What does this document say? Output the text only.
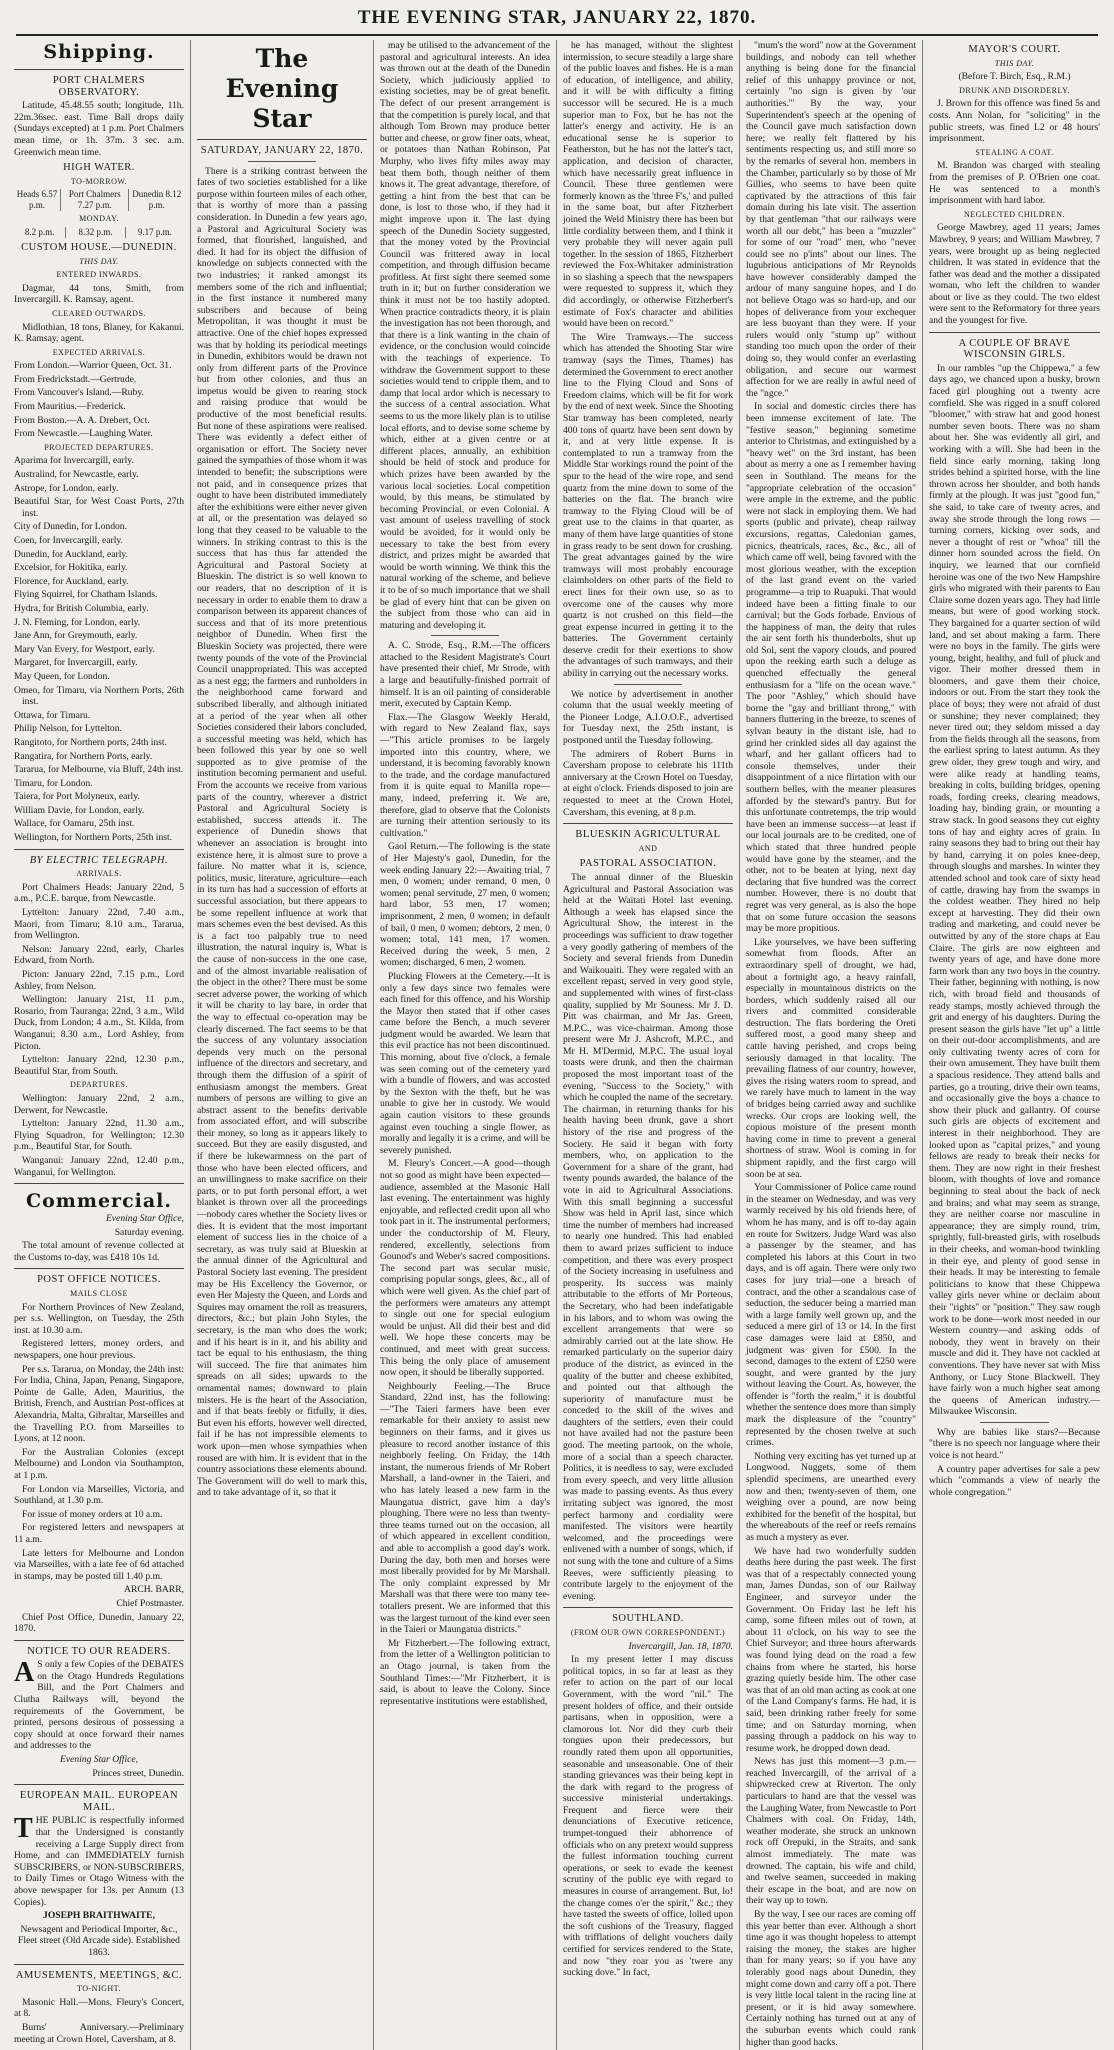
THE EVENING STAR, JANUARY 22, 1870.
Shipping.
PORT CHALMERS OBSERVATORY.

Latitude, 45.48.55 south; longitude, 11h. 22m.36sec. east. Time Ball drops daily (Sundays excepted) at 1 p.m. Port Chalmers mean time, or 1h. 37m. 3 sec. a.m. Greenwich mean time.

HIGH WATER.
TO-MORROW.
Heads 6.57 p.m.	Port Chalmers 7.27 p.m.	Dunedin 8.12 p.m.
MONDAY.
8.2 p.m.	8.32 p.m.	9.17 p.m.
CUSTOM HOUSE.—DUNEDIN.
THIS DAY.
ENTERED INWARDS.

Dagmar, 44 tons, Smith, from Invercargill. K. Ramsay, agent.

CLEARED OUTWARDS.

Midlothian, 18 tons, Blaney, for Kakanui. K. Ramsay, agent.

EXPECTED ARRIVALS.

From London.—Warrior Queen, Oct. 31.

From Fredrickstadt.—Gertrude.

From Vancouver's Island.—Ruby.

From Mauritius.—Frederick.

From Boston.—A. A. Drebert, Oct.

From Newcastle.—Laughing Water.

PROJECTED DEPARTURES.

Aparima for Invercargill, early.

Australind, for Newcastle, early.

Astrope, for London, early.

Beautiful Star, for West Coast Ports, 27th inst.

City of Dunedin, for London.

Coen, for Invercargill, early.

Dunedin, for Auckland, early.

Excelsior, for Hokitika, early.

Florence, for Auckland, early.

Flying Squirrel, for Chatham Islands.

Hydra, for British Columbia, early.

J. N. Fleming, for London, early.

Jane Ann, for Greymouth, early.

Mary Van Every, for Westport, early.

Margaret, for Invercargill, early.

May Queen, for London.

Omeo, for Timaru, via Northern Ports, 26th inst.

Ottawa, for Timaru.

Philip Nelson, for Lyttelton.

Rangitoto, for Northern ports, 24th inst.

Rangatira, for Northern Ports, early.

Tararua, for Melbourne, via Bluff, 24th inst.

Timaru, for London.

Taiera, for Port Molyneux, early.

William Davie, for London, early.

Wallace, for Oamaru, 25th inst.

Wellington, for Northern Ports, 25th inst.

BY ELECTRIC TELEGRAPH.
ARRIVALS.

Port Chalmers Heads: January 22nd, 5 a.m., P.C.E. barque, from Newcastle.

Lyttelton: January 22nd, 7.40 a.m., Maori, from Timaru; 8.10 a.m., Tararua, from Wellington.

Nelson: January 22nd, early, Charles Edward, from North.

Picton: January 22nd, 7.15 p.m., Lord Ashley, from Nelson.

Wellington: January 21st, 11 p.m., Rosario, from Tauranga; 22nd, 3 a.m., Wild Duck, from London; 4 a.m., St. Kilda, from Wanganui; 8.30 a.m., Lord Ashley, from Picton.

Lyttelton: January 22nd, 12.30 p.m., Beautiful Star, from South.

DEPARTURES.

Wellington: January 22nd, 2 a.m., Derwent, for Newcastle.

Lyttelton: January 22nd, 11.30 a.m., Flying Squadron, for Wellington; 12.30 p.m., Beautiful Star, for South.

Wanganui: January 22nd, 12.40 p.m., Wanganui, for Wellington.

Commercial.

Evening Star Office,

Saturday evening.

The total amount of revenue collected at the Customs to-day, was £418 10s 1d.

POST OFFICE NOTICES.
MAILS CLOSE

For Northern Provinces of New Zealand, per s.s. Wellington, on Tuesday, the 25th inst. at 10.30 a.m.

Registered letters, money orders, and newspapers, one hour previous.

Per s.s. Tararua, on Monday, the 24th inst: For India, China, Japan, Penang, Singapore, Pointe de Galle, Aden, Mauritius, the British, French, and Austrian Post-offices at Alexandria, Malta, Gibraltar, Marseilles and the Travelling P.O. from Marseilles to Lyons, at 12 noon.

For the Australian Colonies (except Melbourne) and London via Southampton, at 1 p.m.

For London via Marseilles, Victoria, and Southland, at 1.30 p.m.

For issue of money orders at 10 a.m.

For registered letters and newspapers at 11 a.m.

Late letters for Melbourne and London via Marseilles, with a late fee of 6d attached in stamps, may be posted till 1.40 p.m.

ARCH. BARR,

Chief Postmaster.

Chief Post Office, Dunedin, January 22, 1870.

NOTICE TO OUR READERS.

A S only a few Copies of the DEBATES on the Otago Hundreds Regulations Bill, and the Port Chalmers and Clutha Railways will, beyond the requirements of the Government, be printed, persons desirous of possessing a copy should at once forward their names and addresses to the

Evening Star Office,

Princes street, Dunedin.

EUROPEAN MAIL. EUROPEAN MAIL.

THE PUBLIC is respectfully informed that the Undersigned is constantly receiving a Large Supply direct from Home, and can IMMEDIATELY furnish SUBSCRIBERS, or NON-SUBSCRIBERS, to Daily Times or Otago Witness with the above newspaper for 13s. per Annum (13 Copies).

JOSEPH BRAITHWAITE,

Newsagent and Periodical Importer, &c., Fleet street (Old Arcade side). Established 1863.

AMUSEMENTS, MEETINGS, &C.
TO-NIGHT.

Masonic Hall.—Mons. Fleury's Concert, at 8.

Burns' Anniversary.—Preliminary meeting at Crown Hotel, Caversham, at 8.

The Evening Star
SATURDAY, JANUARY 22, 1870.

There is a striking contrast between the fates of two societies established for a like purpose within fourteen miles of each other, that is worthy of more than a passing consideration. In Dunedin a few years ago, a Pastoral and Agricultural Society was formed, that flourished, languished, and died. It had for its object the diffusion of knowledge on subjects connected with the two industries; it ranked amongst its members some of the rich and influential; in the first instance it numbered many subscribers and because of being Metropolitan, it was thought it must be attractive. One of the chief hopes expressed was that by holding its periodical meetings in Dunedin, exhibitors would be drawn not only from different parts of the Province but from other colonies, and thus an impetus would be given to rearing stock and raising produce that would be productive of the most beneficial results. But none of these aspirations were realised. There was evidently a defect either of organisation or effort. The Society never gained the sympathies of those whom it was intended to benefit; the subscriptions were not paid, and in consequence prizes that ought to have been distributed immediately after the exhibitions were either never given at all, or the presentation was delayed so long that they ceased to be valuable to the winners. In striking contrast to this is the success that has thus far attended the Agricultural and Pastoral Society at Blueskin. The district is so well known to our readers, that no description of it is necessary in order to enable them to draw a comparison between its apparent chances of success and that of its more pretentious neighbor of Dunedin. When first the Blueskin Society was projected, there were twenty pounds of the vote of the Provincial Council unappropriated. This was accepted as a nest egg; the farmers and runholders in the neighborhood came forward and subscribed liberally, and although initiated at a period of the year when all other Societies considered their labors concluded, a successful meeting was held, which has been followed this year by one so well supported as to give promise of the institution becoming permanent and useful. From the accounts we receive from various parts of the country, wherever a district Pastoral and Agricultural Society is established, success attends it. The experience of Dunedin shows that whenever an association is brought into existence here, it is almost sure to prove a failure. No matter what it is, science, politics, music, literature, agriculture—each in its turn has had a succession of efforts at successful association, but there appears to be some repellent influence at work that mars schemes even the best devised. As this is a fact too palpably true to need illustration, the natural inquiry is, What is the cause of non-success in the one case, and of the almost invariable realisation of the object in the other? There must be some secret adverse power, the working of which it will be charity to lay bare, in order that the way to effectual co-operation may be clearly discerned. The fact seems to be that the success of any voluntary association depends very much on the personal influence of the directors and secretary, and through them the diffusion of a spirit of enthusiasm amongst the members. Great numbers of persons are willing to give an abstract assent to the benefits derivable from associated effort, and will subscribe their money, so long as it appears likely to succeed. But they are easily disgusted, and if there be lukewarmness on the part of those who have been elected officers, and an unwillingness to make sacrifice on their parts, or to put forth personal effort, a wet blanket is thrown over all the proceedings—nobody cares whether the Society lives or dies. It is evident that the most important element of success lies in the choice of a secretary, as was truly said at Blueskin at the annual dinner of the Agricultural and Pastoral Society last evening. The president may be His Excellency the Governor, or even Her Majesty the Queen, and Lords and Squires may ornament the roll as treasurers, directors, &c.; but plain John Styles, the secretary, is the man who does the work; and if his heart is in it, and his ability and tact be equal to his enthusiasm, the thing will succeed. The fire that animates him spreads on all sides; upwards to the ornamental names; downward to plain misters. He is the heart of the Association, and if that beats feebly or fitfully, it dies. But even his efforts, however well directed, fail if he has not impressible elements to work upon—men whose sympathies when roused are with him. It is evident that in the country associations these elements abound. The Government will do well to mark this, and to take advantage of it, so that it

may be utilised to the advancement of the pastoral and agricultural interests. An idea was thrown out at the death of the Dunedin Society, which judiciously applied to existing societies, may be of great benefit. The defect of our present arrangement is that the competition is purely local, and that although Tom Brown may produce better butter and cheese, or grow finer oats, wheat, or potatoes than Nathan Robinson, Pat Murphy, who lives fifty miles away may beat them both, though neither of them knows it. The great advantage, therefore, of getting a hint from the best that can be done, is lost to those who, if they had it might improve upon it. The last dying speech of the Dunedin Society suggested, that the money voted by the Provincial Council was frittered away in local competition, and through diffusion became profitless. At first sight there seemed some truth in it; but on further consideration we think it must not be too hastily adopted. When practice contradicts theory, it is plain the investigation has not been thorough, and that there is a link wanting in the chain of evidence, or the conclusion would coincide with the teachings of experience. To withdraw the Government support to these societies would tend to cripple them, and to damp that local ardor which is necessary to the success of a central association. What seems to us the more likely plan is to utilise local efforts, and to devise some scheme by which, either at a given centre or at different places, annually, an exhibition should be held of stock and produce for which prizes have been awarded by the various local societies. Local competition would, by this means, be stimulated by becoming Provincial, or even Colonial. A vast amount of useless travelling of stock would be avoided, for it would only be necessary to take the best from every district, and prizes might be awarded that would be worth winning. We think this the natural working of the scheme, and believe it to be of so much importance that we shall be glad of every hint that can be given on the subject from those who can aid in maturing and developing it.

A. C. Strode, Esq., R.M.—The officers attached to the Resident Magistrate's Court have presented their chief, Mr Strode, with a large and beautifully-finished portrait of himself. It is an oil painting of considerable merit, executed by Captain Kemp.

Flax.—The Glasgow Weekly Herald, with regard to New Zealand flax, says—"This article promises to be largely imported into this country, where, we understand, it is becoming favorably known to the trade, and the cordage manufactured from it is quite equal to Manilla rope—many, indeed, preferring it. We are, therefore, glad to observe that the Colonists are turning their attention seriously to its cultivation."

Gaol Return.—The following is the state of Her Majesty's gaol, Dunedin, for the week ending January 22:—Awaiting trial, 7 men, 0 women; under remand, 0 men, 0 women; penal servitude, 27 men, 0 women; hard labor, 53 men, 17 women; imprisonment, 2 men, 0 women; in default of bail, 0 men, 0 women; debtors, 2 men, 0 women; total, 141 men, 17 women. Received during the week, 5 men, 2 women; discharged, 6 men, 2 women.

Plucking Flowers at the Cemetery.—It is only a few days since two females were each fined for this offence, and his Worship the Mayor then stated that if other cases came before the Bench, a much severer judgment would be awarded. We learn that this evil practice has not been discontinued. This morning, about five o'clock, a female was seen coming out of the cemetery yard with a bundle of flowers, and was accosted by the Sexton with the theft, but he was unable to give her in custody. We would again caution visitors to these grounds against even touching a single flower, as morally and legally it is a crime, and will be severely punished.

M. Fleury's Concert.—A good—though not so good as might have been expected—audience, assembled at the Masonic Hall last evening. The entertainment was highly enjoyable, and reflected credit upon all who took part in it. The instrumental performers, under the conductorship of M. Fleury, rendered, excellently, selections from Gounod's and Weber's sacred compositions. The second part was secular music, comprising popular songs, glees, &c., all of which were well given. As the chief part of the performers were amateurs any attempt to single out one for special eulogium would be unjust. All did their best and did well. We hope these concerts may be continued, and meet with great success. This being the only place of amusement now open, it should be liberally supported.

Neighbourly Feeling.—The Bruce Standard, 22nd inst, has the following:—"The Taieri farmers have been ever remarkable for their anxiety to assist new beginners on their farms, and it gives us pleasure to record another instance of this neighborly feeling. On Friday, the 14th instant, the numerous friends of Mr Robert Marshall, a land-owner in the Taieri, and who has lately leased a new farm in the Maungatua district, gave him a day's ploughing. There were no less than twenty-three teams turned out on the occasion, all of which appeared in excellent condition, and able to accomplish a good day's work. During the day, both men and horses were most liberally provided for by Mr Marshall. The only complaint expressed by Mr Marshall was that there were too many tee-totallers present. We are informed that this was the largest turnout of the kind ever seen in the Taieri or Maungatua districts."

Mr Fitzherbert.—The following extract, from the letter of a Wellington politician to an Otago journal, is taken from the Southland Times:—"Mr Fitzherbert, it is said, is about to leave the Colony. Since representative institutions were established,

he has managed, without the slightest intermission, to secure steadily a large share of the public loaves and fishes. He is a man of education, of intelligence, and ability, and it will be with difficulty a fitting successor will be secured. He is a much superior man to Fox, but he has not the latter's energy and activity. He is an educational sense he is superior to Featherston, but he has not the latter's tact, application, and decision of character, which have necessarily great influence in Council. These three gentlemen were formerly known as the 'three F's,' and pulled in the same boat, but after Fitzherbert joined the Weld Ministry there has been but little cordiality between them, and I think it very probable they will never again pull together. In the session of 1865, Fitzherbert reviewed the Fox-Whitaker administration in so slashing a speech that the newspapers were requested to suppress it, which they did accordingly, or otherwise Fitzherbert's estimate of Fox's character and abilities would have been on record."

The Wire Tramways.—The success which has attended the Shooting Star wire tramway (says the Times, Thames) has determined the Government to erect another line to the Flying Cloud and Sons of Freedom claims, which will be fit for work by the end of next week. Since the Shooting Star tramway has been completed, nearly 400 tons of quartz have been sent down by it, and at very little expense. It is contemplated to run a tramway from the Middle Star workings round the point of the spur to the head of the wire rope, and send quartz from the mine down to some of the batteries on the flat. The branch wire tramway to the Flying Cloud will be of great use to the claims in that quarter, as many of them have large quantities of stone in grass ready to be sent down for crushing. The great advantages gained by the wire tramways will most probably encourage claimholders on other parts of the field to erect lines for their own use, so as to overcome one of the causes why more quartz is not crushed on this field—the great expense incurred in getting it to the batteries. The Government certainly deserve credit for their exertions to show the advantages of such tramways, and their ability in carrying out the necessary works.

We notice by advertisement in another column that the usual weekly meeting of the Pioneer Lodge, A.I.O.O.F., advertised for Tuesday next, the 25th instant, is postponed until the Tuesday following.

The admirers of Robert Burns in Caversham propose to celebrate his 111th anniversary at the Crown Hotel on Tuesday, at eight o'clock. Friends disposed to join are requested to meet at the Crown Hotel, Caversham, this evening, at 8 p.m.

BLUESKIN AGRICULTURAL
AND
PASTORAL ASSOCIATION.

The annual dinner of the Blueskin Agricultural and Pastoral Association was held at the Waitati Hotel last evening. Although a week has elapsed since the Agricultural Show, the interest in the proceedings was sufficient to draw together a very goodly gathering of members of the Society and several friends from Dunedin and Waikouaiti. They were regaled with an excellent repast, served in very good style, and supplemented with wines of first-class quality, supplied by Mr Souness. Mr J. D. Pitt was chairman, and Mr Jas. Green, M.P.C., was vice-chairman. Among those present were Mr J. Ashcroft, M.P.C., and Mr H. M'Dermid, M.P.C. The usual loyal toasts were drunk, and then the chairman proposed the most important toast of the evening, "Success to the Society," with which he coupled the name of the secretary. The chairman, in returning thanks for his health having been drunk, gave a short history of the rise and progress of the Society. He said it began with forty members, who, on application to the Government for a share of the grant, had twenty pounds awarded, the balance of the vote in aid to Agricultural Associations. With this small beginning a successful Show was held in April last, since which time the number of members had increased to nearly one hundred. This had enabled them to award prizes sufficient to induce competition, and there was every prospect of the Society increasing in usefulness and prosperity. Its success was mainly attributable to the efforts of Mr Porteous, the Secretary, who had been indefatigable in his labors, and to whom was owing the excellent arrangements that were so admirably carried out at the late show. He remarked particularly on the superior dairy produce of the district, as evinced in the quality of the butter and cheese exhibited, and pointed out that although the superiority of manufacture must be conceded to the skill of the wives and daughters of the settlers, even their could not have availed had not the pasture been good. The meeting partook, on the whole, more of a social than a speech character. Politics, it is needless to say, were excluded from every speech, and very little allusion was made to passing events. As thus every irritating subject was ignored, the most perfect harmony and cordiality were manifested. The visitors were heartily welcomed, and the proceedings were enlivened with a number of songs, which, if not sung with the tone and culture of a Sims Reeves, were sufficiently pleasing to contribute largely to the enjoyment of the evening.

SOUTHLAND.
(FROM OUR OWN CORRESPONDENT.)

Invercargill, Jan. 18, 1870.

In my present letter I may discuss political topics, in so far at least as they refer to action on the part of our local Government, with the word "nil." The present holders of office, and their outside partisans, when in opposition, were a clamorous lot. Nor did they curb their tongues upon their predecessors, but roundly rated them upon all opportunities, seasonable and unseasonable. One of their standing grievances was their being kept in the dark with regard to the progress of successive ministerial undertakings. Frequent and fierce were their denunciations of Executive reticence, trumpet-tongued their abhorrence of officials who on any pretext would suppress the fullest information touching current operations, or seek to evade the keenest scrutiny of the public eye with regard to measures in course of arrangement. But, lo! the change comes o'er the spirit," &c.; they have tasted the sweets of office, lolled upon the soft cushions of the Treasury, flagged with trifflations of delight vouchers daily certified for services rendered to the State, and now "they roar you as 'twere any sucking dove." In fact,

"mum's the word" now at the Government buildings, and nobody can tell whether anything is being done for the financial relief of this unhappy province or not, certainly "no sign is given by 'our authorities.'" By the way, your Superintendent's speech at the opening of the Council gave much satisfaction down here; we really felt flattered by his sentiments respecting us, and still more so by the remarks of several hon. members in the Chamber, particularly so by those of Mr Gillies, who seems to have been quite captivated by the attractions of this fair domain during his late visit. The assertion by that gentleman "that our railways were worth all our debt," has been a "muzzler" for some of our "road" men, who "never could see no p'ints" about our lines. The lugubrious anticipations of Mr Reynolds have however considerably damped the ardour of many sanguine hopes, and I do not believe Otago was so hard-up, and our hopes of deliverance from your exchequer are less buoyant than they were. If your rulers would only "stump up" without standing too much upon the order of their doing so, they would confer an everlasting obligation, and secure our warmest affection for we are really in awful need of the "ngce."

In social and domestic circles there has been immense excitement of late. The "festive season," beginning sometime anterior to Christmas, and extinguished by a "heavy wet" on the 3rd instant, has been about as merry a one as I remember having seen in Southland. The means for the "appropriate celebration of the occasion" were ample in the extreme, and the public were not slack in employing them. We had sports (public and private), cheap railway excursions, regattas, Caledonian games, picnics, theatricals, races, &c., &c., all of which came off well, being favored with the most glorious weather, with the exception of the last grand event on the varied programme—a trip to Ruapuki. That would indeed have been a fitting finale to our carnival; but the Gods forbade. Envious of the happiness of man, the deity that rules the air sent forth his thunderbolts, shut up old Sol, sent the vapory clouds, and poured upon the reeking earth such a deluge as quenched effectually the general enthusiasm for a "life on the ocean wave." The poor "Ashley," which should have borne the "gay and brilliant throng," with banners fluttering in the breeze, to scenes of sylvan beauty in the distant isle, had to grind her crinkled sides all day against the wharf, and her gallant officers had to console themselves, under their disappointment of a nice flirtation with our southern belles, with the meaner pleasures afforded by the steward's pantry. But for this unfortunate contretemps, the trip would have been an immense success—at least if our local journals are to be credited, one of which stated that three hundred people would have gone by the steamer, and the other, not to be beaten at lying, next day declaring that five hundred was the correct number. However, there is no doubt that regret was very general, as is also the hope that on some future occasion the seasons may be more propitious.

Like yourselves, we have been suffering somewhat from floods. After an extraordinary spell of drought, we had, about a fortnight ago, a heavy rainfall, especially in mountainous districts on the borders, which suddenly raised all our rivers and committed considerable destruction. The flats bordering the Oreti suffered most, a good many sheep and cattle having perished, and crops being seriously damaged in that locality. The prevailing flatness of our country, however, gives the rising waters room to spread, and we rarely have much to lament in the way of bridges being carried away and suchlike wrecks. Our crops are looking well, the copious moisture of the present month having come in time to prevent a general shortness of straw. Wool is coming in for shipment rapidly, and the first cargo will soon be at sea.

Your Commissioner of Police came round in the steamer on Wednesday, and was very warmly received by his old friends here, of whom he has many, and is off to-day again en route for Switzers. Judge Ward was also a passenger by the steamer, and has completed his labors at this Court in two days, and is off again. There were only two cases for jury trial—one a breach of contract, and the other a scandalous case of seduction, the seducer being a married man with a large family well grown up, and the seduced a mere girl of 13 or 14. In the first case damages were laid at £850, and judgment was given for £500. In the second, damages to the extent of £250 were sought, and were granted by the jury without leaving the Court. As, however, the offender is "forth the realm," it is doubtful whether the sentence does more than simply mark the displeasure of the "country" represented by the chosen twelve at such crimes.

Nothing very exciting has yet turned up at Longwood. Nuggets, some of them splendid specimens, are unearthed every now and then; twenty-seven of them, one weighing over a pound, are now being exhibited for the benefit of the hospital, but the whereabouts of the reef or reefs remains as much a mystery as ever.

We have had two wonderfully sudden deaths here during the past week. The first was that of a respectably connected young man, James Dundas, son of our Railway Engineer, and surveyor under the Government. On Friday last he left his camp, some fifteen miles out of town, at about 11 o'clock, on his way to see the Chief Surveyor; and three hours afterwards was found lying dead on the road a few chains from where he started, his horse grazing quietly beside him. The other case was that of an old man acting as cook at one of the Land Company's farms. He had, it is said, been drinking rather freely for some time; and on Saturday morning, when passing through a paddock on his way to resume work, he dropped down dead.

News has just this moment—3 p.m.—reached Invercargill, of the arrival of a shipwrecked crew at Riverton. The only particulars to hand are that the vessel was the Laughing Water, from Newcastle to Port Chalmers with coal. On Friday, 14th, weather moderate, she struck an unknown rock off Orepuki, in the Straits, and sank almost immediately. The mate was drowned. The captain, his wife and child, and twelve seamen, succeeded in making their escape in the boat, and are now on their way up to town.

By the way, I see our races are coming off this year better than ever. Although a short time ago it was thought hopeless to attempt raising the money, the stakes are higher than for many years; so if you have any tolerably good nags about Dunedin, they might come down and carry off a pot. There is very little local talent in the racing line at present, or it is hid away somewhere. Certainly nothing has turned out at any of the suburban events which could rank higher than good hacks.

MAYOR'S COURT.
THIS DAY.

(Before T. Birch, Esq., R.M.)

DRUNK AND DISORDERLY.

J. Brown for this offence was fined 5s and costs. Ann Nolan, for "soliciting" in the public streets, was fined L2 or 48 hours' imprisonment.

STEALING A COAT.

M. Brandon was charged with stealing from the premises of P. O'Brien one coat. He was sentenced to a month's imprisonment with hard labor.

NEGLECTED CHILDREN.

George Mawbrey, aged 11 years; James Mawbrey, 9 years; and William Mawbrey, 7 years, were brought up as being neglected children. It was stated in evidence that the father was dead and the mother a dissipated woman, who left the children to wander about or live as they could. The two eldest were sent to the Reformatory for three years and the youngest for five.

A COUPLE OF BRAVE WISCONSIN GIRLS.

In our rambles "up the Chippewa," a few days ago, we chanced upon a husky, brown faced girl ploughing out a twenty acre cornfield. She was rigged in a snuff colored "bloomer," with straw hat and good honest number seven boots. There was no sham about her. She was evidently all girl, and working with a will. She had been in the field since early morning, taking long strides behind a spirited horse, with the line thrown across her shoulder, and both hands firmly at the plough. It was just "good fun," she said, to take care of twenty acres, and away she strode through the long rows —turning corners, kicking over sods, and never a thought of rest or "whoa" till the dinner horn sounded across the field. On inquiry, we learned that our cornfield heroine was one of the two New Hampshire girls who migrated with their parents to Eau Claire some dozen years ago. They had little means, but were of good working stock. They bargained for a quarter section of wild land, and set about making a farm. There were no boys in the family. The girls were young, bright, healthy, and full of pluck and vigor. Their mother dressed them in bloomers, and gave them their choice, indoors or out. From the start they took the place of boys; they were not afraid of dust or sunshine; they never complained; they never tired out; they seldom missed a day from the fields through all the seasons, from the earliest spring to latest autumn. As they grew older, they grew tough and wiry, and were alike ready at handling teams, breaking in colts, building bridges, opening roads, fording creeks, clearing meadows, loading hay, binding grain, or mounting a straw stack. In good seasons they cut eighty tons of hay and eighty acres of grain. In rainy seasons they had to bring out their hay by hand, carrying it on poles knee-deep, through sloughs and marshes. In winter they attended school and took care of sixty head of cattle, drawing hay from the swamps in the coldest weather. They hired no help except at harvesting. They did their own trading and marketing, and could never be outwitted by any of the store chaps at Eau Claire. The girls are now eighteen and twenty years of age, and have done more farm work than any two boys in the country. Their father, beginning with nothing, is now rich, with broad field and thousands of ready stamps, mostly achieved through the grit and energy of his daughters. During the present season the girls have "let up" a little on their out-door accomplishments, and are only cultivating twenty acres of corn for their own amusement. They have built them a spacious residence. They attend balls and parties, go a trouting, drive their own teams, and occasionally give the boys a chance to show their pluck and gallantry. Of course such girls are objects of excitement and interest in their neighborhood. They are looked upon as "capital prizes," and young fellows are ready to break their necks for them. They are now right in their freshest bloom, with thoughts of love and romance beginning to steal about the back of neck and brains; and what may seem as strange, they are neither coarse nor masculine in appearance; they are simply round, trim, sprightly, full-breasted girls, with roselbuds in their cheeks, and woman-hood twinkling in their eye, and plenty of good sense in their heads. It may be interesting to female politicians to know that these Chippewa valley girls never whine or declaim about their "rights" or "position." They saw rough work to be done—work most needed in our Western country—and asking odds of nobody, they went in bravely on their muscle and did it. They have not cackled at conventions. They have never sat with Miss Anthony, or Lucy Stone Blackwell. They have fairly won a much higher seat among the queens of American industry.—Milwaukee Wisconsin.

Why are babies like stars?—Because "there is no speech nor language where their voice is not heard."

A country paper advertises for sale a pew which "commands a view of nearly the whole congregation."
